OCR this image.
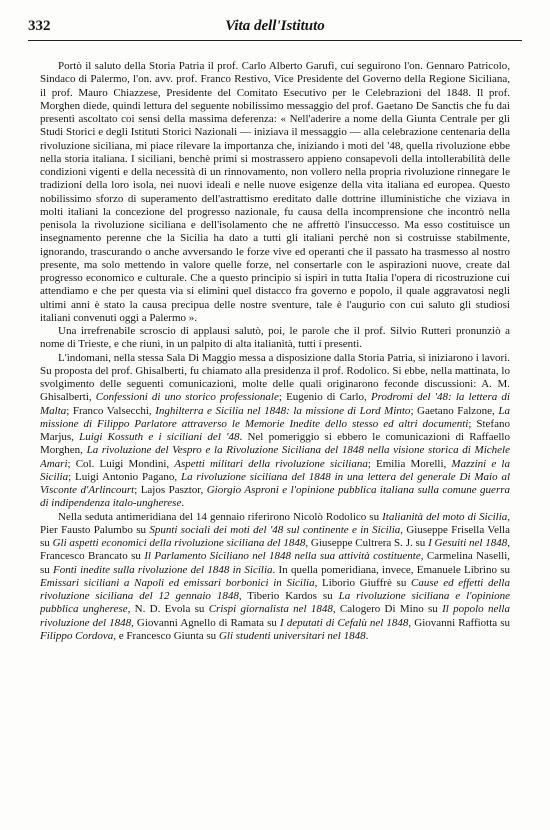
332	Vita dell'Istituto

Portò il saluto della Storia Patria il prof. Carlo Alberto Garufi, cui seguirono l'on. Gennaro Patricolo, Sindaco di Palermo, l'on. avv. prof. Franco Restivo, Vice Presidente del Governo della Regione Siciliana, il prof. Mauro Chiazzese, Presidente del Comitato Esecutivo per le Celebrazioni del 1848. Il prof. Morghen diede, quindi lettura del seguente nobilissimo messaggio del prof. Gaetano De Sanctis che fu dai presenti ascoltato coi sensi della massima deferenza: « Nell'aderire a nome della Giunta Centrale per gli Studi Storici e degli Istituti Storici Nazionali — iniziava il messaggio — alla celebrazione centenaria della rivoluzione siciliana, mi piace rilevare la importanza che, iniziando i moti del '48, quella rivoluzione ebbe nella storia italiana. I siciliani, benchè primi si mostrassero appieno consapevoli della intollerabilità delle condizioni vigenti e della necessità di un rinnovamento, non vollero nella propria rivoluzione rinnegare le tradizioni della loro isola, nei nuovi ideali e nelle nuove esigenze della vita italiana ed europea. Questo nobilissimo sforzo di superamento dell'astrattismo ereditato dalle dottrine illuministiche che viziava in molti italiani la concezione del progresso nazionale, fu causa della incomprensione che incontrò nella penisola la rivoluzione siciliana e dell'isolamento che ne affrettò l'insuccesso. Ma esso costituisce un insegnamento perenne che la Sicilia ha dato a tutti gli italiani perchè non si costruisse stabilmente, ignorando, trascurando o anche avversando le forze vive ed operanti che il passato ha trasmesso al nostro presente, ma solo mettendo in valore quelle forze, nel consertarle con le aspirazioni nuove, create dal progresso economico e culturale. Che a questo principio si ispiri in tutta Italia l'opera di ricostruzione cui attendiamo e che per questa via si elimini quel distacco fra governo e popolo, il quale aggravatosi negli ultimi anni è stato la causa precipua delle nostre sventure, tale è l'augurio con cui saluto gli studiosi italiani convenuti oggi a Palermo ».

Una irrefrenabile scroscio di applausi salutò, poi, le parole che il prof. Silvio Rutteri pronunziò a nome di Trieste, e che riunì, in un palpito di alta italianità, tutti i presenti.

L'indomani, nella stessa Sala Di Maggio messa a disposizione dalla Storia Patria, si iniziarono i lavori. Su proposta del prof. Ghisalberti, fu chiamato alla presidenza il prof. Rodolico. Si ebbe, nella mattinata, lo svolgimento delle seguenti comunicazioni, molte delle quali originarono feconde discussioni: A. M. Ghisalberti, Confessioni di uno storico professionale; Eugenio di Carlo, Prodromi del '48: la lettera di Malta; Franco Valsecchi, Inghilterra e Sicilia nel 1848: la missione di Lord Minto; Gaetano Falzone, La missione di Filippo Parlatore attraverso le Memorie Inedite dello stesso ed altri documenti; Stefano Marjus, Luigi Kossuth e i siciliani del '48. Nel pomeriggio si ebbero le comunicazioni di Raffaello Morghen, La rivoluzione del Vespro e la Rivoluzione Siciliana del 1848 nella visione storica di Michele Amari; Col. Luigi Mondini, Aspetti militari della rivoluzione siciliana; Emilia Morelli, Mazzini e la Sicilia; Luigi Antonio Pagano, La rivoluzione siciliana del 1848 in una lettera del generale Di Maio al Visconte d'Arlincourt; Lajos Pasztor, Giorgio Asproni e l'opinione pubblica italiana sulla comune guerra di indipendenza italo-ungherese.

Nella seduta antimeridiana del 14 gennaio riferirono Nicolò Rodolico su Italianità del moto di Sicilia, Pier Fausto Palumbo su Spunti sociali dei moti del '48 sul continente e in Sicilia, Giuseppe Frisella Vella su Gli aspetti economici della rivoluzione siciliana del 1848, Giuseppe Cultrera S. J. su I Gesuiti nel 1848, Francesco Brancato su Il Parlamento Siciliano nel 1848 nella sua attività costituente, Carmelina Naselli, su Fonti inedite sulla rivoluzione del 1848 in Sicilia. In quella pomeridiana, invece, Emanuele Librino su Emissari siciliani a Napoli ed emissari borbonici in Sicilia, Liborio Giuffrè su Cause ed effetti della rivoluzione siciliana del 12 gennaio 1848, Tiberio Kardos su La rivoluzione siciliana e l'opinione pubblica ungherese, N. D. Evola su Crispi giornalista nel 1848, Calogero Di Mino su Il popolo nella rivoluzione del 1848, Giovanni Agnello di Ramata su I deputati di Cefalù nel 1848, Giovanni Raffiotta su Filippo Cordova, e Francesco Giunta su Gli studenti universitari nel 1848.
